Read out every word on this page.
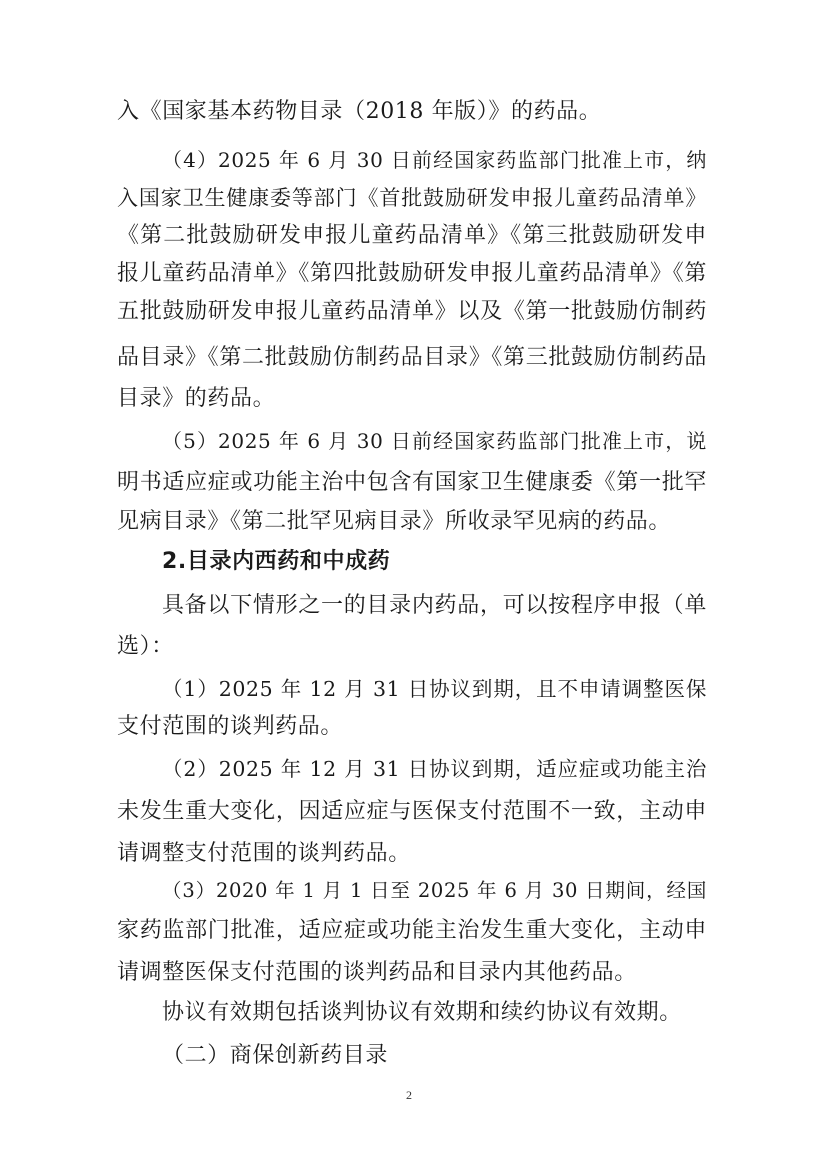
入《国家基本药物目录（2018 年版）》的药品。
（4）2025 年 6 月 30 日前经国家药监部门批准上市，纳
入国家卫生健康委等部门《首批鼓励研发申报儿童药品清单》
《第二批鼓励研发申报儿童药品清单》《第三批鼓励研发申
报儿童药品清单》《第四批鼓励研发申报儿童药品清单》《第
五批鼓励研发申报儿童药品清单》以及《第一批鼓励仿制药
品目录》《第二批鼓励仿制药品目录》《第三批鼓励仿制药品
目录》的药品。
（5）2025 年 6 月 30 日前经国家药监部门批准上市，说
明书适应症或功能主治中包含有国家卫生健康委《第一批罕
见病目录》《第二批罕见病目录》所收录罕见病的药品。
2.目录内西药和中成药
具备以下情形之一的目录内药品，可以按程序申报（单
选）：
（1）2025 年 12 月 31 日协议到期，且不申请调整医保
支付范围的谈判药品。
（2）2025 年 12 月 31 日协议到期，适应症或功能主治
未发生重大变化，因适应症与医保支付范围不一致，主动申
请调整支付范围的谈判药品。
（3）2020 年 1 月 1 日至 2025 年 6 月 30 日期间，经国
家药监部门批准，适应症或功能主治发生重大变化，主动申
请调整医保支付范围的谈判药品和目录内其他药品。
协议有效期包括谈判协议有效期和续约协议有效期。
（二）商保创新药目录
2
